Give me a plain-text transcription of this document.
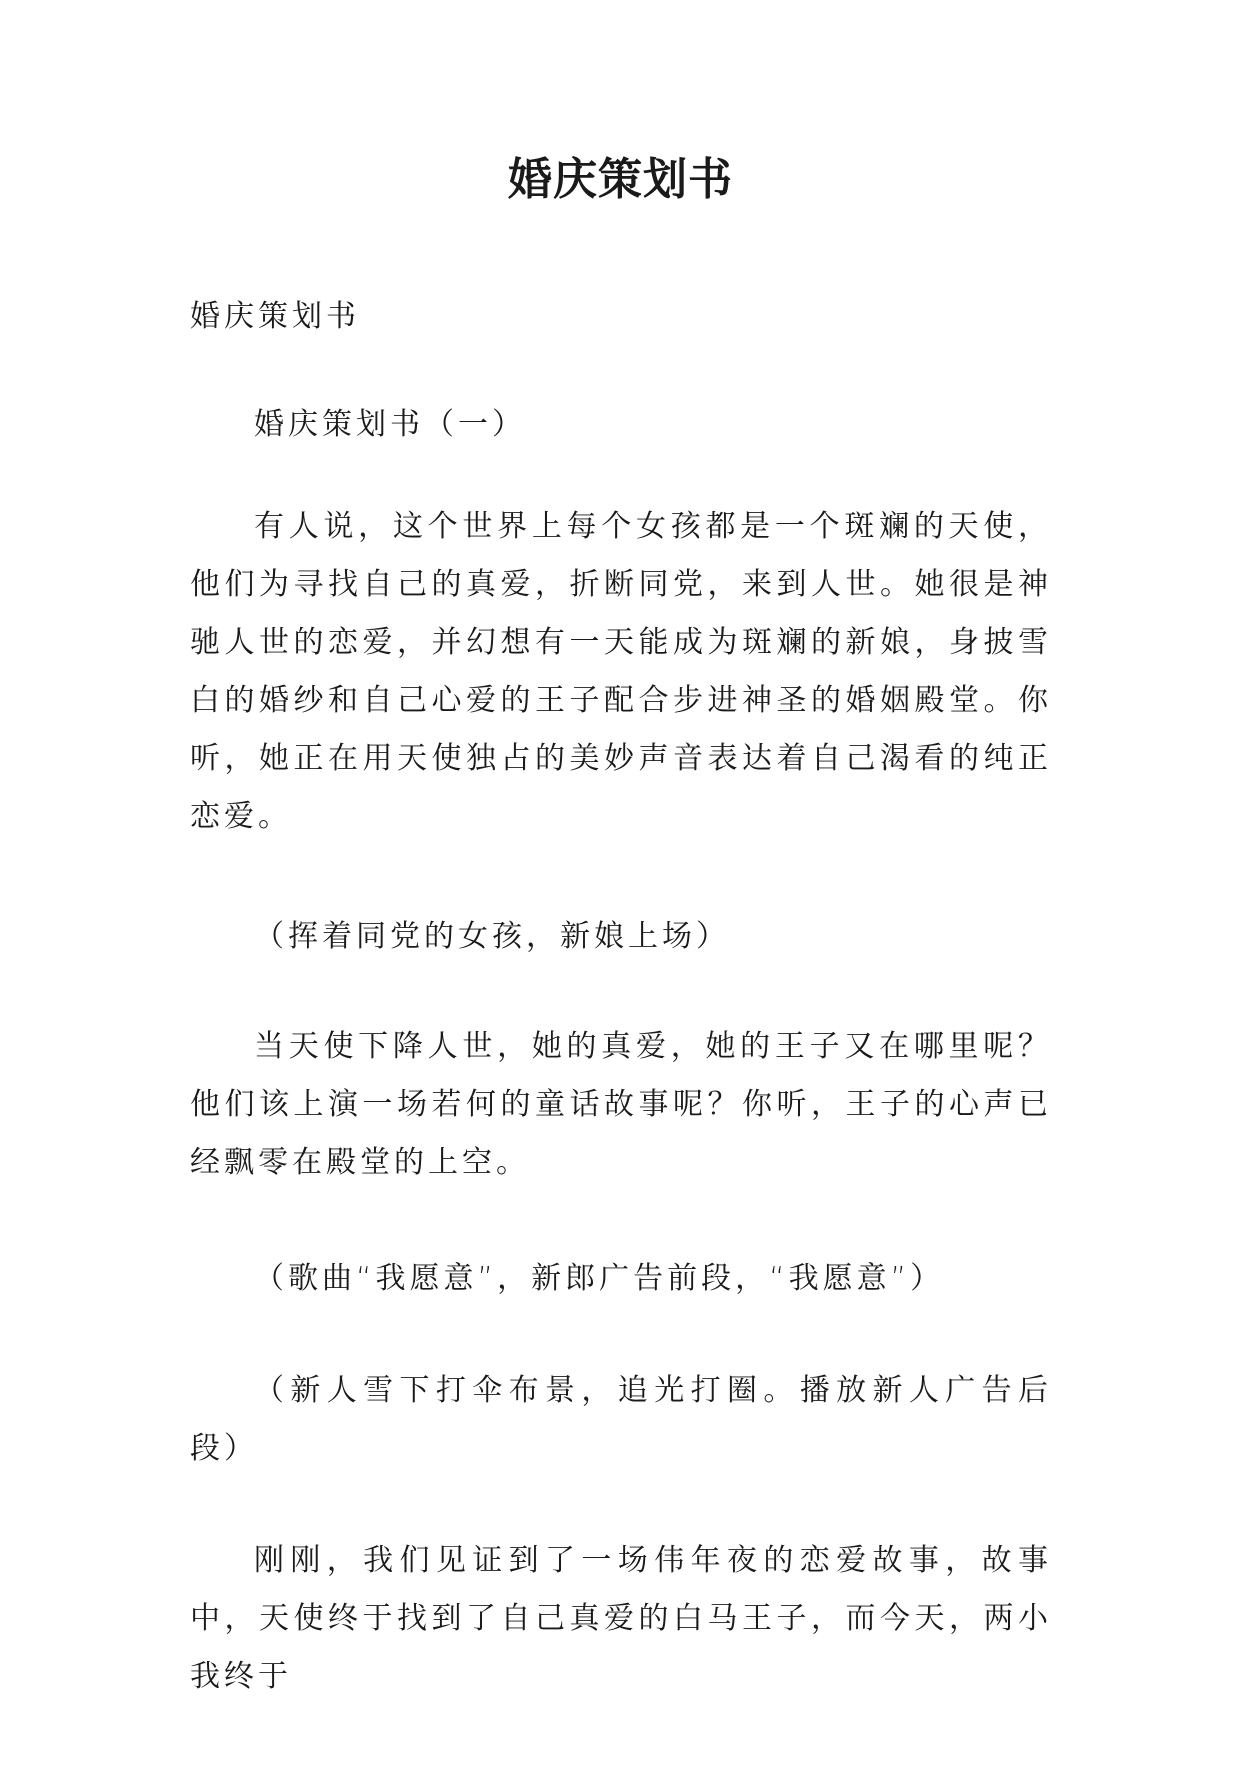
婚庆策划书

婚庆策划书

婚庆策划书（一）

有人说，这个世界上每个女孩都是一个斑斓的天使，他们为寻找自己的真爱，折断同党，来到人世。她很是神驰人世的恋爱，并幻想有一天能成为斑斓的新娘，身披雪白的婚纱和自己心爱的王子配合步进神圣的婚姻殿堂。你听，她正在用天使独占的美妙声音表达着自己渴看的纯正恋爱。

（挥着同党的女孩，新娘上场）

当天使下降人世，她的真爱，她的王子又在哪里呢？他们该上演一场若何的童话故事呢？你听，王子的心声已经飘零在殿堂的上空。

（歌曲“我愿意”，新郎广告前段，“我愿意”）

（新人雪下打伞布景，追光打圈。播放新人广告后段）

刚刚，我们见证到了一场伟年夜的恋爱故事，故事中，天使终于找到了自己真爱的白马王子，而今天，两小我终于
